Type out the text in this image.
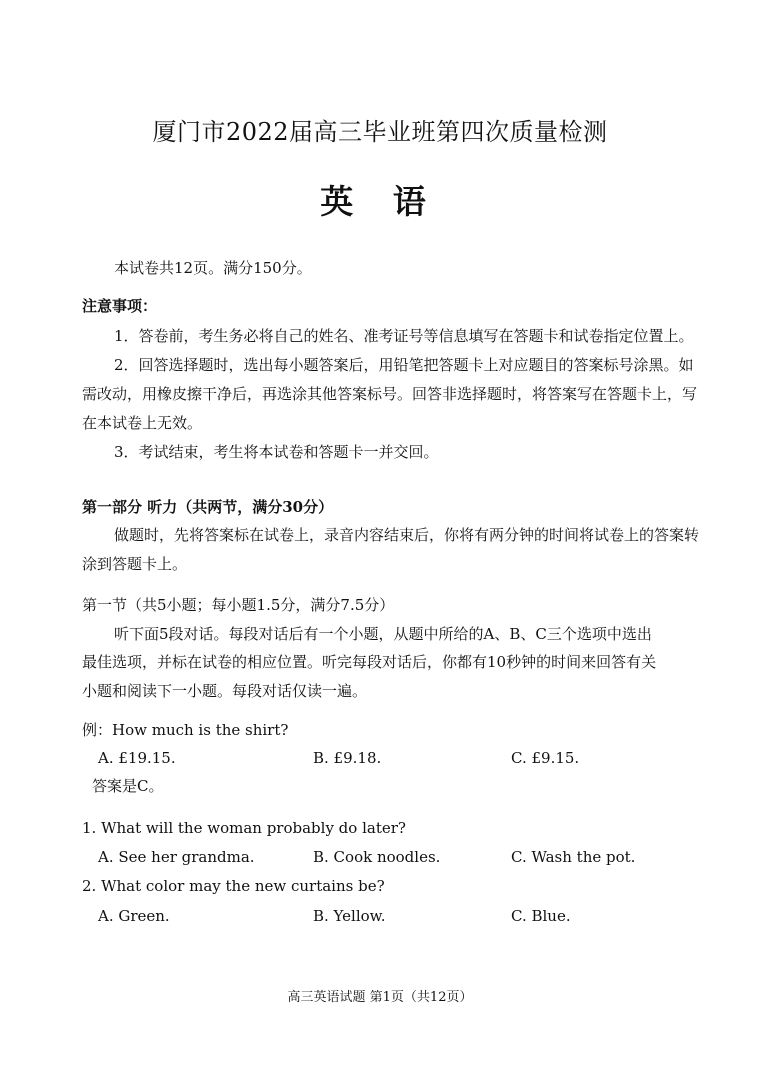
厦门市2022届高三毕业班第四次质量检测
英 语
本试卷共12页。满分150分。
注意事项：
1．答卷前，考生务必将自己的姓名、准考证号等信息填写在答题卡和试卷指定位置上。
2．回答选择题时，选出每小题答案后，用铅笔把答题卡上对应题目的答案标号涂黑。如
需改动，用橡皮擦干净后，再选涂其他答案标号。回答非选择题时，将答案写在答题卡上，写
在本试卷上无效。
3．考试结束，考生将本试卷和答题卡一并交回。
第一部分 听力（共两节，满分30分）
做题时，先将答案标在试卷上，录音内容结束后，你将有两分钟的时间将试卷上的答案转
涂到答题卡上。
第一节（共5小题；每小题1.5分，满分7.5分）
听下面5段对话。每段对话后有一个小题，从题中所给的A、B、C三个选项中选出
最佳选项，并标在试卷的相应位置。听完每段对话后，你都有10秒钟的时间来回答有关
小题和阅读下一小题。每段对话仅读一遍。
例：How much is the shirt?
A. £19.15.	B. £9.18.	C. £9.15.
答案是C。
1. What will the woman probably do later?
A. See her grandma.	B. Cook noodles.	C. Wash the pot.
2. What color may the new curtains be?
A. Green.	B. Yellow.	C. Blue.
高三英语试题 第1页（共12页）
